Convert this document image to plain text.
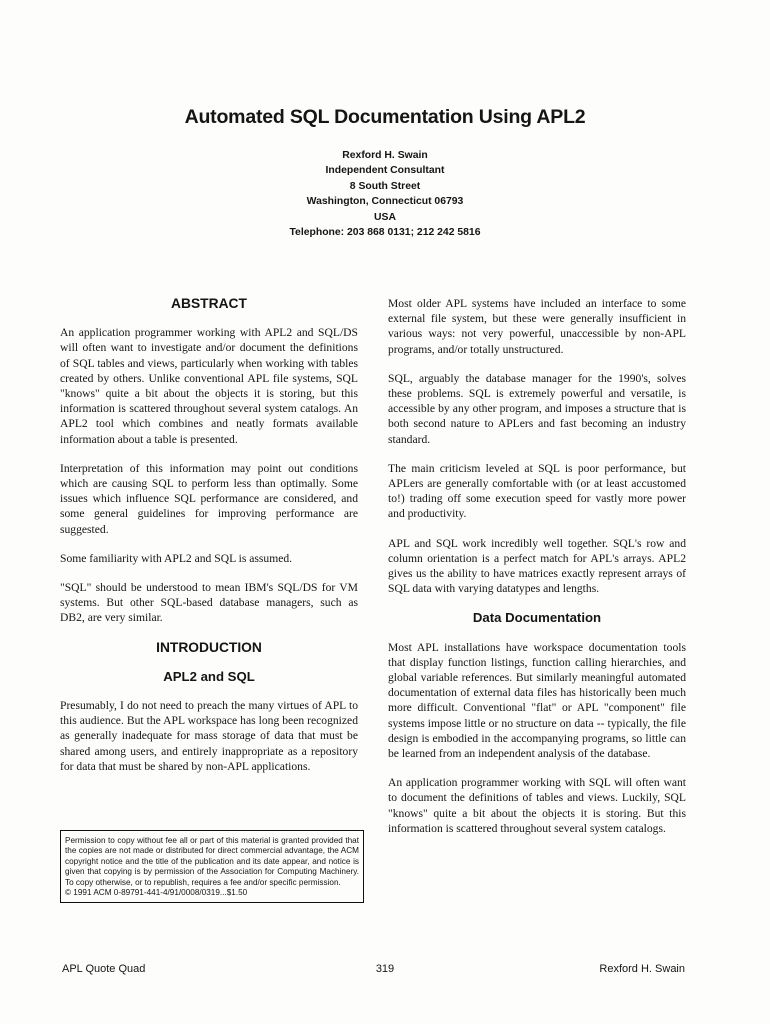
Automated SQL Documentation Using APL2
Rexford H. Swain
Independent Consultant
8 South Street
Washington, Connecticut 06793
USA
Telephone: 203 868 0131; 212 242 5816
ABSTRACT

An application programmer working with APL2 and SQL/DS will often want to investigate and/or document the definitions of SQL tables and views, particularly when working with tables created by others. Unlike conventional APL file systems, SQL "knows" quite a bit about the objects it is storing, but this information is scattered throughout several system catalogs. An APL2 tool which combines and neatly formats available information about a table is presented.

Interpretation of this information may point out conditions which are causing SQL to perform less than optimally. Some issues which influence SQL performance are considered, and some general guidelines for improving performance are suggested.

Some familiarity with APL2 and SQL is assumed.

"SQL" should be understood to mean IBM's SQL/DS for VM systems. But other SQL-based database managers, such as DB2, are very similar.

INTRODUCTION
APL2 and SQL

Presumably, I do not need to preach the many virtues of APL to this audience. But the APL workspace has long been recognized as generally inadequate for mass storage of data that must be shared among users, and entirely inappropriate as a repository for data that must be shared by non-APL applications.

Permission to copy without fee all or part of this material is granted provided that the copies are not made or distributed for direct commercial advantage, the ACM copyright notice and the title of the publication and its date appear, and notice is given that copying is by permission of the Association for Computing Machinery. To copy otherwise, or to republish, requires a fee and/or specific permission.
© 1991 ACM 0-89791-441-4/91/0008/0319...$1.50

Most older APL systems have included an interface to some external file system, but these were generally insufficient in various ways: not very powerful, unaccessible by non-APL programs, and/or totally unstructured.

SQL, arguably the database manager for the 1990's, solves these problems. SQL is extremely powerful and versatile, is accessible by any other program, and imposes a structure that is both second nature to APLers and fast becoming an industry standard.

The main criticism leveled at SQL is poor performance, but APLers are generally comfortable with (or at least accustomed to!) trading off some execution speed for vastly more power and productivity.

APL and SQL work incredibly well together. SQL's row and column orientation is a perfect match for APL's arrays. APL2 gives us the ability to have matrices exactly represent arrays of SQL data with varying datatypes and lengths.

Data Documentation

Most APL installations have workspace documentation tools that display function listings, function calling hierarchies, and global variable references. But similarly meaningful automated documentation of external data files has historically been much more difficult. Conventional "flat" or APL "component" file systems impose little or no structure on data -- typically, the file design is embodied in the accompanying programs, so little can be learned from an independent analysis of the database.

An application programmer working with SQL will often want to document the definitions of tables and views. Luckily, SQL "knows" quite a bit about the objects it is storing. But this information is scattered throughout several system catalogs.

APL Quote Quad	319	Rexford H. Swain
